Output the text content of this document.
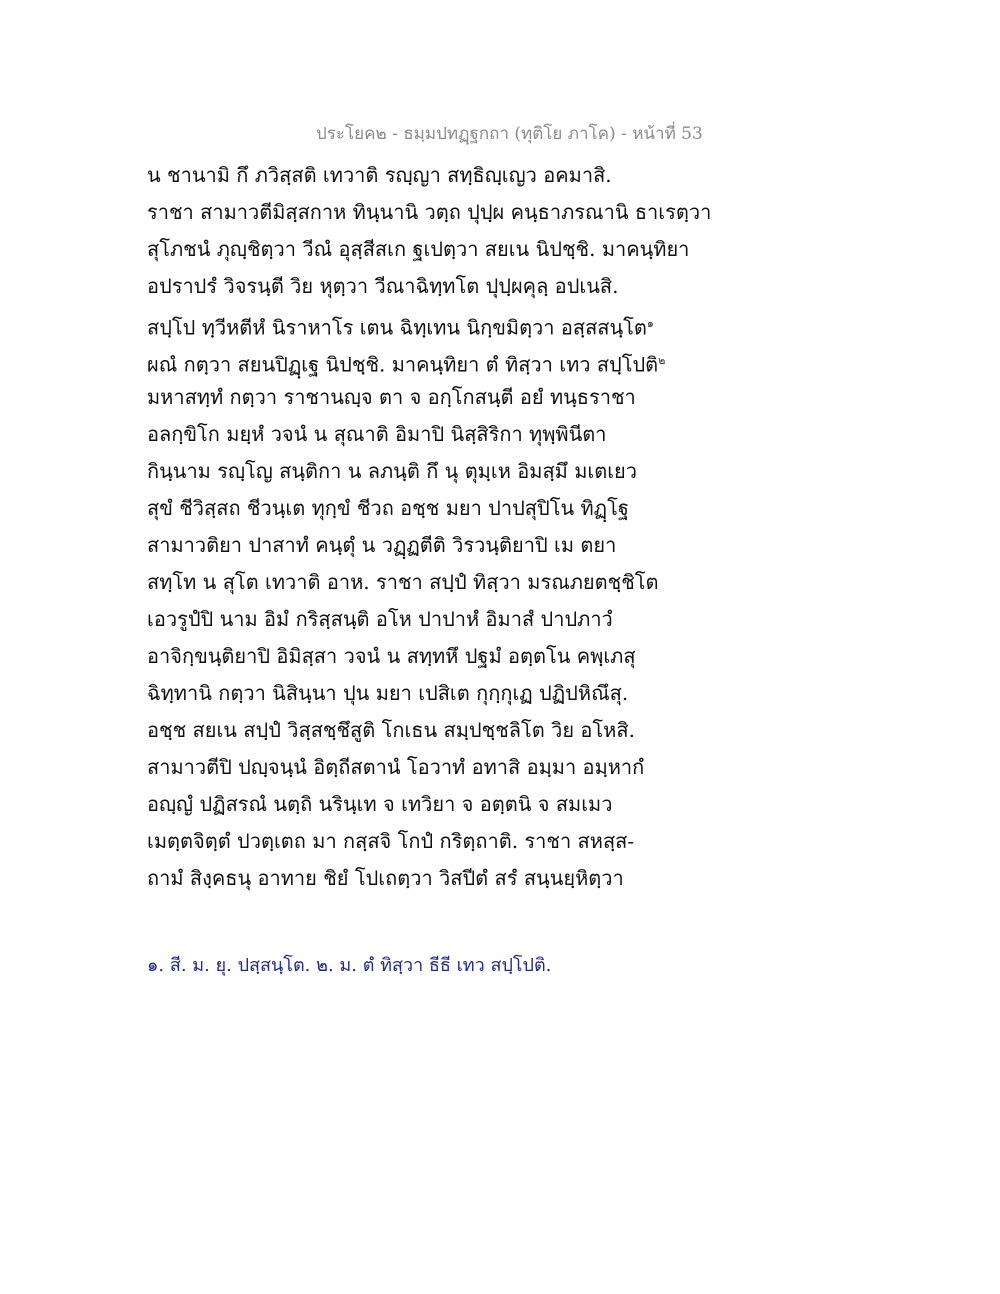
ประโยค๒ - ธมฺมปทฏฺฐกถา (ทุติโย ภาโค) - หน้าที่ 53
น ชานามิ กึ ภวิสฺสติ เทวาติ รญฺญา สทฺธิญฺเญว อคมาสิ.
ราชา สามาวตีมิสฺสกาห ทินฺนานิ วตฺถ ปุปฺผ คนฺธาภรณานิ ธาเรตฺวา
สุโภชนํ ภุญฺชิตฺวา วีณํ อุสฺสีสเก ฐเปตฺวา สยเน นิปชฺชิ. มาคนฺทิยา
อปราปรํ วิจรนฺตี วิย หุตฺวา วีณาฉิทฺทโต ปุปฺผคุลฺ อปเนสิ.
สปฺโป ทฺวีหตีหํ นิราหาโร เตน ฉิทฺเทน นิกฺขมิตฺวา อสฺสสนฺโต$^๑$
ผณํ กตฺวา สยนปิฏฺเฐ นิปชฺชิ. มาคนฺทิยา ตํ ทิสฺวา เทว สปฺโปติ$^๒$
มหาสทฺทํ กตฺวา ราชานญฺจ ตา จ อกฺโกสนฺตี อยํ ทนฺธราชา
อลกฺขิโก มยฺหํ วจนํ น สุณาติ อิมาปิ นิสฺสิริกา ทุพฺพินีตา
กินฺนาม รญฺโญ สนฺติกา น ลภนฺติ กึ นุ ตุมฺเห อิมสฺมึ มเตเยว
สุขํ ชีวิสฺสถ ชีวนฺเต ทุกฺขํ ชีวถ อชฺช มยา ปาปสุปิโน ทิฏฺโฐ
สามาวติยา ปาสาทํ คนฺตุํ น วฏฺฏตีติ วิรวนฺติยาปิ เม ตยา
สทฺโท น สุโต เทวาติ อาห. ราชา สปฺปํ ทิสฺวา มรณภยตชฺชิโต
เอวรูปํปิ นาม อิมํ กริสฺสนฺติ อโห ปาปาหํ อิมาสํ ปาปภาวํ
อาจิกฺขนฺติยาปิ อิมิสฺสา วจนํ น สทฺทหึ ปฐมํ อตฺตโน คพฺเภสุ
ฉิทฺทานิ กตฺวา นิสินฺนา ปุน มยา เปสิเต กุกฺกุเฏ ปฏิปหิณึสุ.
อชฺช สยเน สปฺปํ วิสฺสชฺชึสูติ โกเธน สมฺปชฺชลิโต วิย อโหสิ.
สามาวตีปิ ปญฺจนฺนํ อิตฺถีสตานํ โอวาทํ อทาสิ อมฺมา อมฺหากํ
อญฺญํ ปฏิสรณํ นตฺถิ นรินฺเท จ เทวิยา จ อตฺตนิ จ สมเมว
เมตฺตจิตฺตํ ปวตฺเตถ มา กสฺสจิ โกปํ กริตฺถาติ. ราชา สหสฺส-
ถามํ สิงฺคธนุ อาทาย ชิยํ โปเถตฺวา วิสปีตํ สรํ สนฺนยฺหิตฺวา
๑. สี. ม. ยุ. ปสฺสนฺโต. ๒. ม. ตํ ทิสฺวา ธีธี เทว สปฺโปติ.
